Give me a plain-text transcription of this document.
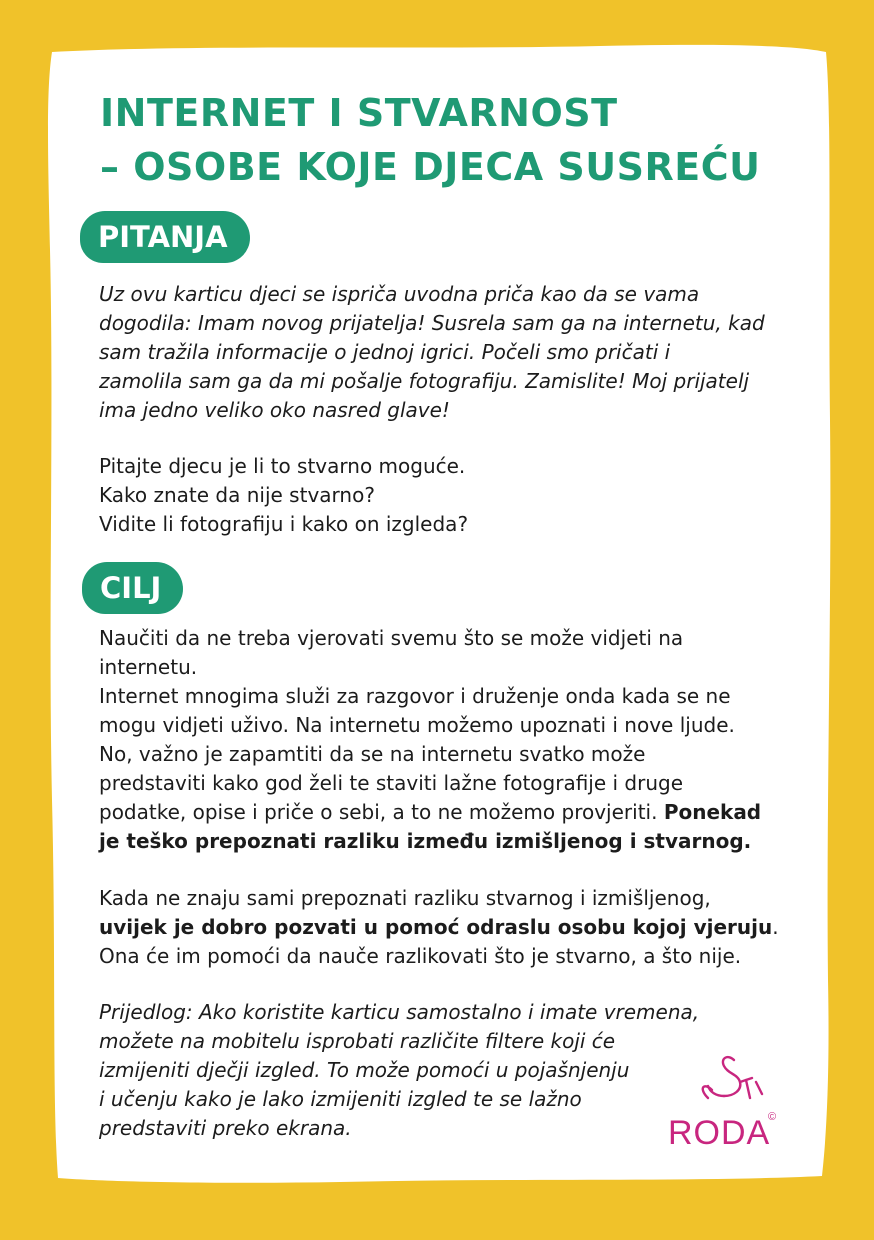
INTERNET I STVARNOST
– OSOBE KOJE DJECA SUSREĆU
PITANJA

Uz ovu karticu djeci se ispriča uvodna priča kao da se vama
dogodila: Imam novog prijatelja! Susrela sam ga na internetu, kad
sam tražila informacije o jednoj igrici. Počeli smo pričati i
zamolila sam ga da mi pošalje fotografiju. Zamislite! Moj prijatelj
ima jedno veliko oko nasred glave!

Pitajte djecu je li to stvarno moguće.
Kako znate da nije stvarno?
Vidite li fotografiju i kako on izgleda?

CILJ

Naučiti da ne treba vjerovati svemu što se može vidjeti na
internetu.
Internet mnogima služi za razgovor i druženje onda kada se ne
mogu vidjeti uživo. Na internetu možemo upoznati i nove ljude.
No, važno je zapamtiti da se na internetu svatko može
predstaviti kako god želi te staviti lažne fotografije i druge
podatke, opise i priče o sebi, a to ne možemo provjeriti. Ponekad
je teško prepoznati razliku između izmišljenog i stvarnog.

Kada ne znaju sami prepoznati razliku stvarnog i izmišljenog,
uvijek je dobro pozvati u pomoć odraslu osobu kojoj vjeruju.
Ona će im pomoći da nauče razlikovati što je stvarno, a što nije.

Prijedlog: Ako koristite karticu samostalno i imate vremena,
možete na mobitelu isprobati različite filtere koji će
izmijeniti dječji izgled. To može pomoći u pojašnjenju
i učenju kako je lako izmijeniti izgled te se lažno
predstaviti preko ekrana.	RODA
©
